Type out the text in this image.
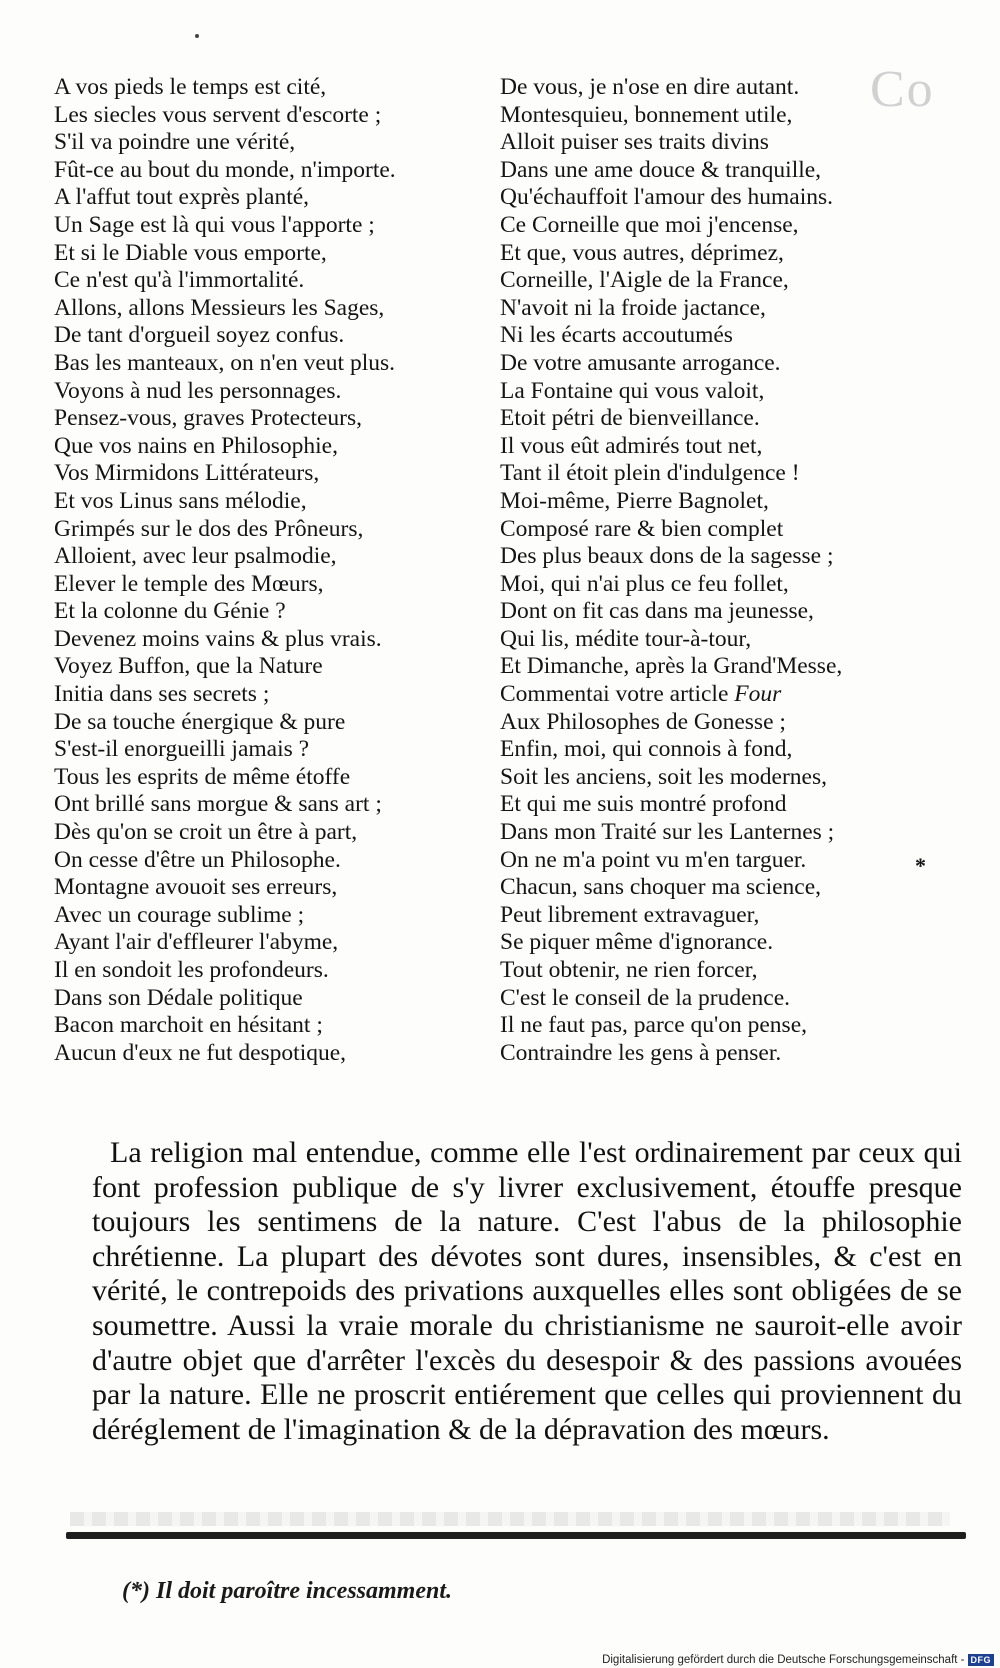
Co
A vos pieds le temps est cité,
Les siecles vous servent d'escorte ;
S'il va poindre une vérité,
Fût-ce au bout du monde, n'importe.
A l'affut tout exprès planté,
Un Sage est là qui vous l'apporte ;
Et si le Diable vous emporte,
Ce n'est qu'à l'immortalité.
Allons, allons Messieurs les Sages,
De tant d'orgueil soyez confus.
Bas les manteaux, on n'en veut plus.
Voyons à nud les personnages.
Pensez-vous, graves Protecteurs,
Que vos nains en Philosophie,
Vos Mirmidons Littérateurs,
Et vos Linus sans mélodie,
Grimpés sur le dos des Prôneurs,
Alloient, avec leur psalmodie,
Elever le temple des Mœurs,
Et la colonne du Génie ?
Devenez moins vains & plus vrais.
Voyez Buffon, que la Nature
Initia dans ses secrets ;
De sa touche énergique & pure
S'est-il enorgueilli jamais ?
Tous les esprits de même étoffe
Ont brillé sans morgue & sans art ;
Dès qu'on se croit un être à part,
On cesse d'être un Philosophe.
Montagne avouoit ses erreurs,
Avec un courage sublime ;
Ayant l'air d'effleurer l'abyme,
Il en sondoit les profondeurs.
Dans son Dédale politique
Bacon marchoit en hésitant ;
Aucun d'eux ne fut despotique,
De vous, je n'ose en dire autant.
Montesquieu, bonnement utile,
Alloit puiser ses traits divins
Dans une ame douce & tranquille,
Qu'échauffoit l'amour des humains.
Ce Corneille que moi j'encense,
Et que, vous autres, déprimez,
Corneille, l'Aigle de la France,
N'avoit ni la froide jactance,
Ni les écarts accoutumés
De votre amusante arrogance.
La Fontaine qui vous valoit,
Etoit pétri de bienveillance.
Il vous eût admirés tout net,
Tant il étoit plein d'indulgence !
Moi-même, Pierre Bagnolet,
Composé rare & bien complet
Des plus beaux dons de la sagesse ;
Moi, qui n'ai plus ce feu follet,
Dont on fit cas dans ma jeunesse,
Qui lis, médite tour-à-tour,
Et Dimanche, après la Grand'Messe,
Commentai votre article Four
Aux Philosophes de Gonesse ;
Enfin, moi, qui connois à fond,
Soit les anciens, soit les modernes,
Et qui me suis montré profond
Dans mon Traité sur les Lanternes ;
On ne m'a point vu m'en targuer.
Chacun, sans choquer ma science,
Peut librement extravaguer,
Se piquer même d'ignorance.
Tout obtenir, ne rien forcer,
C'est le conseil de la prudence.
Il ne faut pas, parce qu'on pense,
Contraindre les gens à penser.
*
La religion mal entendue, comme elle l'est ordinairement par ceux qui font profession publique de s'y livrer exclusivement, étouffe presque toujours les sentimens de la nature. C'est l'abus de la philosophie chrétienne. La plupart des dévotes sont dures, insensibles, & c'est en vérité, le contrepoids des privations auxquelles elles sont obligées de se soumettre. Aussi la vraie morale du christianisme ne sauroit-elle avoir d'autre objet que d'arrêter l'excès du desespoir & des passions avouées par la nature. Elle ne proscrit entiérement que celles qui proviennent du déréglement de l'imagination & de la dépravation des mœurs.
(*) Il doit paroître incessamment.
Digitalisierung gefördert durch die Deutsche Forschungsgemeinschaft - DFG
